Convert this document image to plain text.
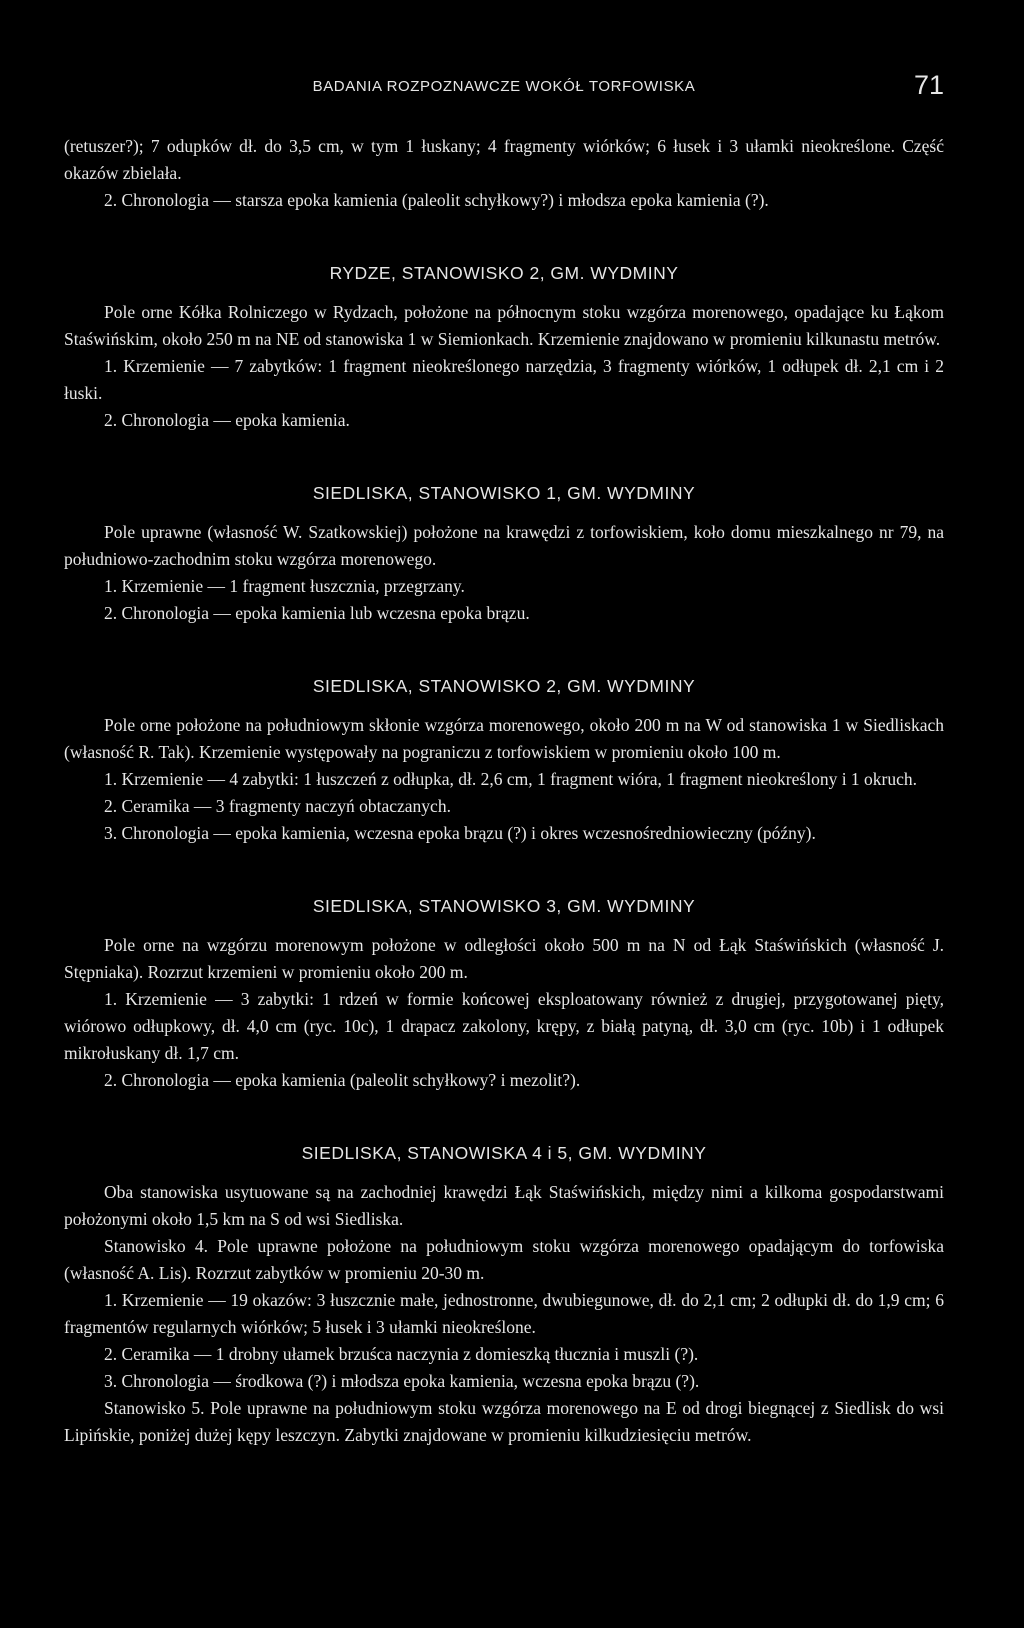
BADANIA ROZPOZNAWCZE WOKÓŁ TORFOWISKA	71

(retuszer?); 7 odupków dł. do 3,5 cm, w tym 1 łuskany; 4 fragmenty wiórków; 6 łusek i 3 ułamki nieokreślone. Część okazów zbielała.

2. Chronologia — starsza epoka kamienia (paleolit schyłkowy?) i młodsza epoka kamienia (?).

RYDZE, STANOWISKO 2, GM. WYDMINY

Pole orne Kółka Rolniczego w Rydzach, położone na północnym stoku wzgórza morenowego, opadające ku Łąkom Staświńskim, około 250 m na NE od stanowiska 1 w Siemionkach. Krzemienie znajdowano w promieniu kilkunastu metrów.

1. Krzemienie — 7 zabytków: 1 fragment nieokreślonego narzędzia, 3 fragmenty wiórków, 1 odłupek dł. 2,1 cm i 2 łuski.

2. Chronologia — epoka kamienia.

SIEDLISKA, STANOWISKO 1, GM. WYDMINY

Pole uprawne (własność W. Szatkowskiej) położone na krawędzi z torfowiskiem, koło domu mieszkalnego nr 79, na południowo-zachodnim stoku wzgórza morenowego.

1. Krzemienie — 1 fragment łuszcznia, przegrzany.

2. Chronologia — epoka kamienia lub wczesna epoka brązu.

SIEDLISKA, STANOWISKO 2, GM. WYDMINY

Pole orne położone na południowym skłonie wzgórza morenowego, około 200 m na W od stanowiska 1 w Siedliskach (własność R. Tak). Krzemienie występowały na pograniczu z torfowiskiem w promieniu około 100 m.

1. Krzemienie — 4 zabytki: 1 łuszczeń z odłupka, dł. 2,6 cm, 1 fragment wióra, 1 fragment nieokreślony i 1 okruch.

2. Ceramika — 3 fragmenty naczyń obtaczanych.

3. Chronologia — epoka kamienia, wczesna epoka brązu (?) i okres wczesnośredniowieczny (późny).

SIEDLISKA, STANOWISKO 3, GM. WYDMINY

Pole orne na wzgórzu morenowym położone w odległości około 500 m na N od Łąk Staświńskich (własność J. Stępniaka). Rozrzut krzemieni w promieniu około 200 m.

1. Krzemienie — 3 zabytki: 1 rdzeń w formie końcowej eksploatowany również z drugiej, przygotowanej pięty, wiórowo odłupkowy, dł. 4,0 cm (ryc. 10c), 1 drapacz zakolony, krępy, z białą patyną, dł. 3,0 cm (ryc. 10b) i 1 odłupek mikrołuskany dł. 1,7 cm.

2. Chronologia — epoka kamienia (paleolit schyłkowy? i mezolit?).

SIEDLISKA, STANOWISKA 4 i 5, GM. WYDMINY

Oba stanowiska usytuowane są na zachodniej krawędzi Łąk Staświńskich, między nimi a kilkoma gospodarstwami położonymi około 1,5 km na S od wsi Siedliska.

Stanowisko 4. Pole uprawne położone na południowym stoku wzgórza morenowego opadającym do torfowiska (własność A. Lis). Rozrzut zabytków w promieniu 20-30 m.

1. Krzemienie — 19 okazów: 3 łuszcznie małe, jednostronne, dwubiegunowe, dł. do 2,1 cm; 2 odłupki dł. do 1,9 cm; 6 fragmentów regularnych wiórków; 5 łusek i 3 ułamki nieokreślone.

2. Ceramika — 1 drobny ułamek brzuśca naczynia z domieszką tłucznia i muszli (?).

3. Chronologia — środkowa (?) i młodsza epoka kamienia, wczesna epoka brązu (?).

Stanowisko 5. Pole uprawne na południowym stoku wzgórza morenowego na E od drogi biegnącej z Siedlisk do wsi Lipińskie, poniżej dużej kępy leszczyn. Zabytki znajdowane w promieniu kilkudziesięciu metrów.
